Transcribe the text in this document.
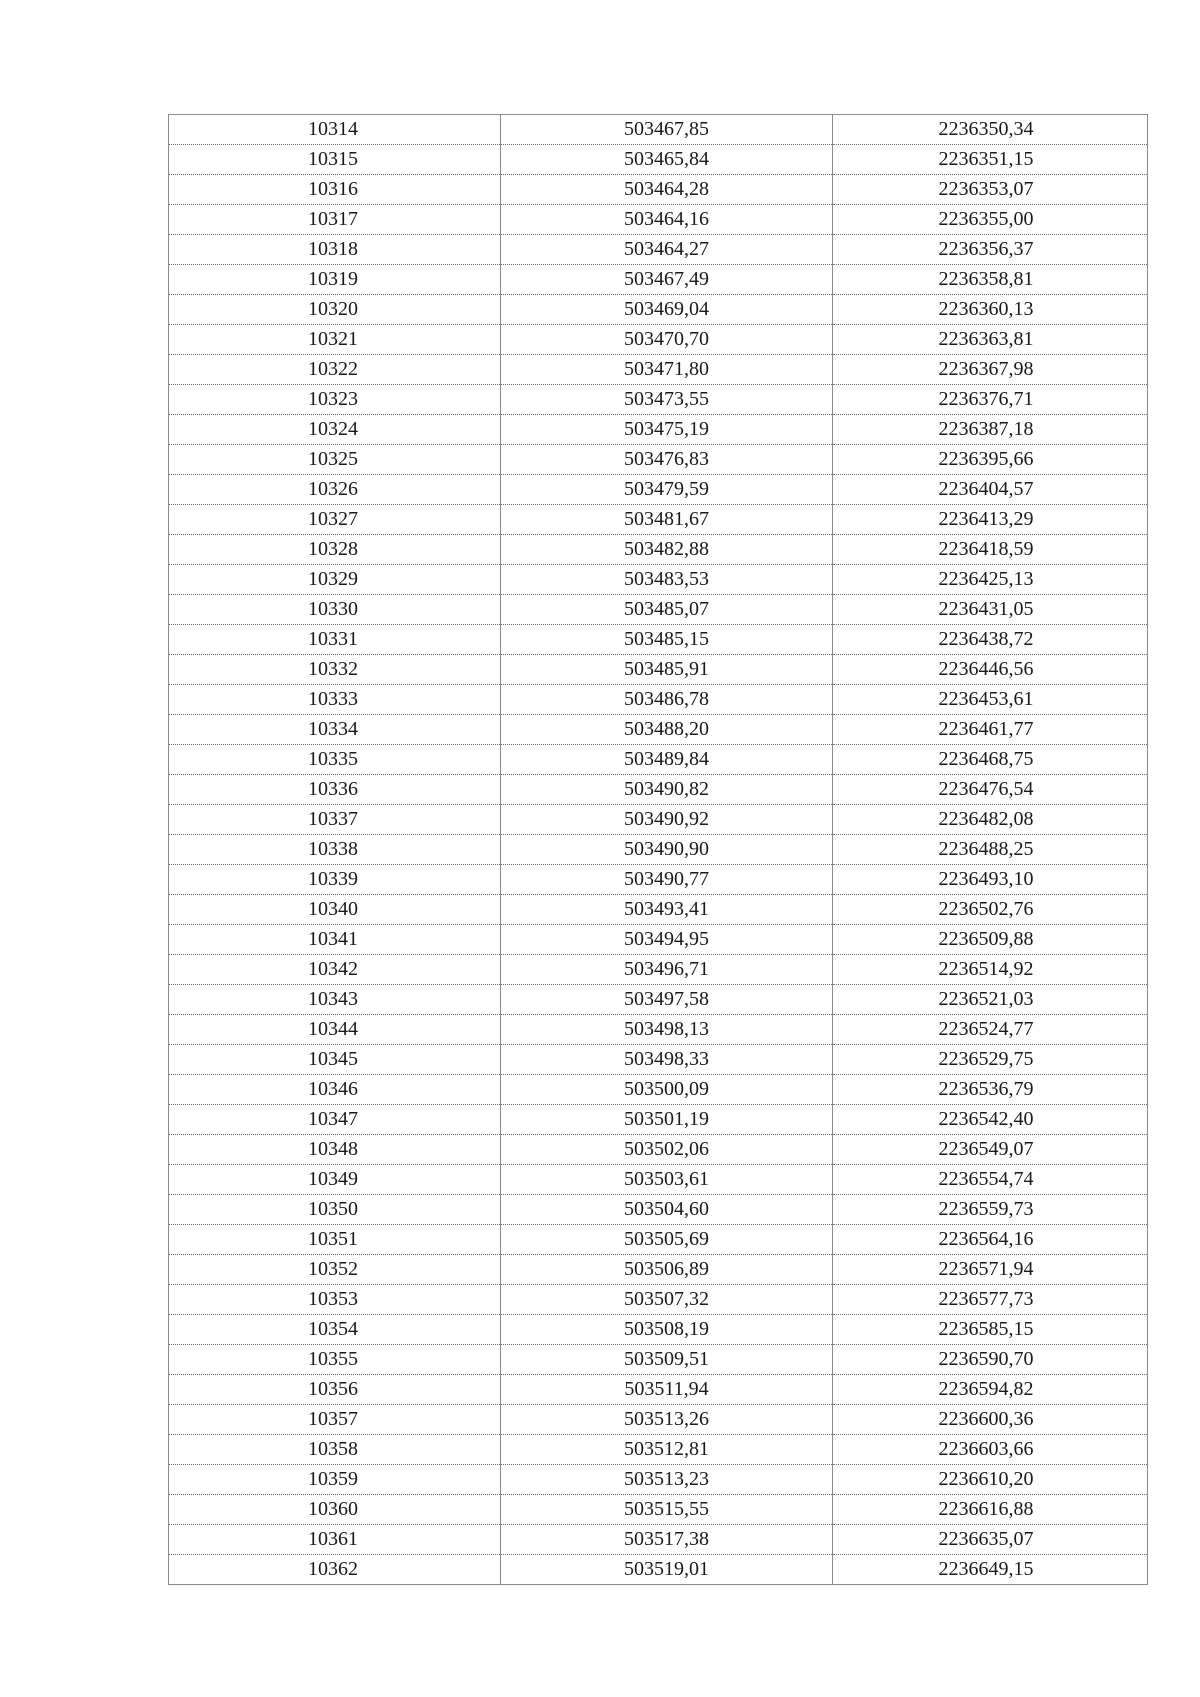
10314	503467,85	2236350,34
10315	503465,84	2236351,15
10316	503464,28	2236353,07
10317	503464,16	2236355,00
10318	503464,27	2236356,37
10319	503467,49	2236358,81
10320	503469,04	2236360,13
10321	503470,70	2236363,81
10322	503471,80	2236367,98
10323	503473,55	2236376,71
10324	503475,19	2236387,18
10325	503476,83	2236395,66
10326	503479,59	2236404,57
10327	503481,67	2236413,29
10328	503482,88	2236418,59
10329	503483,53	2236425,13
10330	503485,07	2236431,05
10331	503485,15	2236438,72
10332	503485,91	2236446,56
10333	503486,78	2236453,61
10334	503488,20	2236461,77
10335	503489,84	2236468,75
10336	503490,82	2236476,54
10337	503490,92	2236482,08
10338	503490,90	2236488,25
10339	503490,77	2236493,10
10340	503493,41	2236502,76
10341	503494,95	2236509,88
10342	503496,71	2236514,92
10343	503497,58	2236521,03
10344	503498,13	2236524,77
10345	503498,33	2236529,75
10346	503500,09	2236536,79
10347	503501,19	2236542,40
10348	503502,06	2236549,07
10349	503503,61	2236554,74
10350	503504,60	2236559,73
10351	503505,69	2236564,16
10352	503506,89	2236571,94
10353	503507,32	2236577,73
10354	503508,19	2236585,15
10355	503509,51	2236590,70
10356	503511,94	2236594,82
10357	503513,26	2236600,36
10358	503512,81	2236603,66
10359	503513,23	2236610,20
10360	503515,55	2236616,88
10361	503517,38	2236635,07
10362	503519,01	2236649,15
